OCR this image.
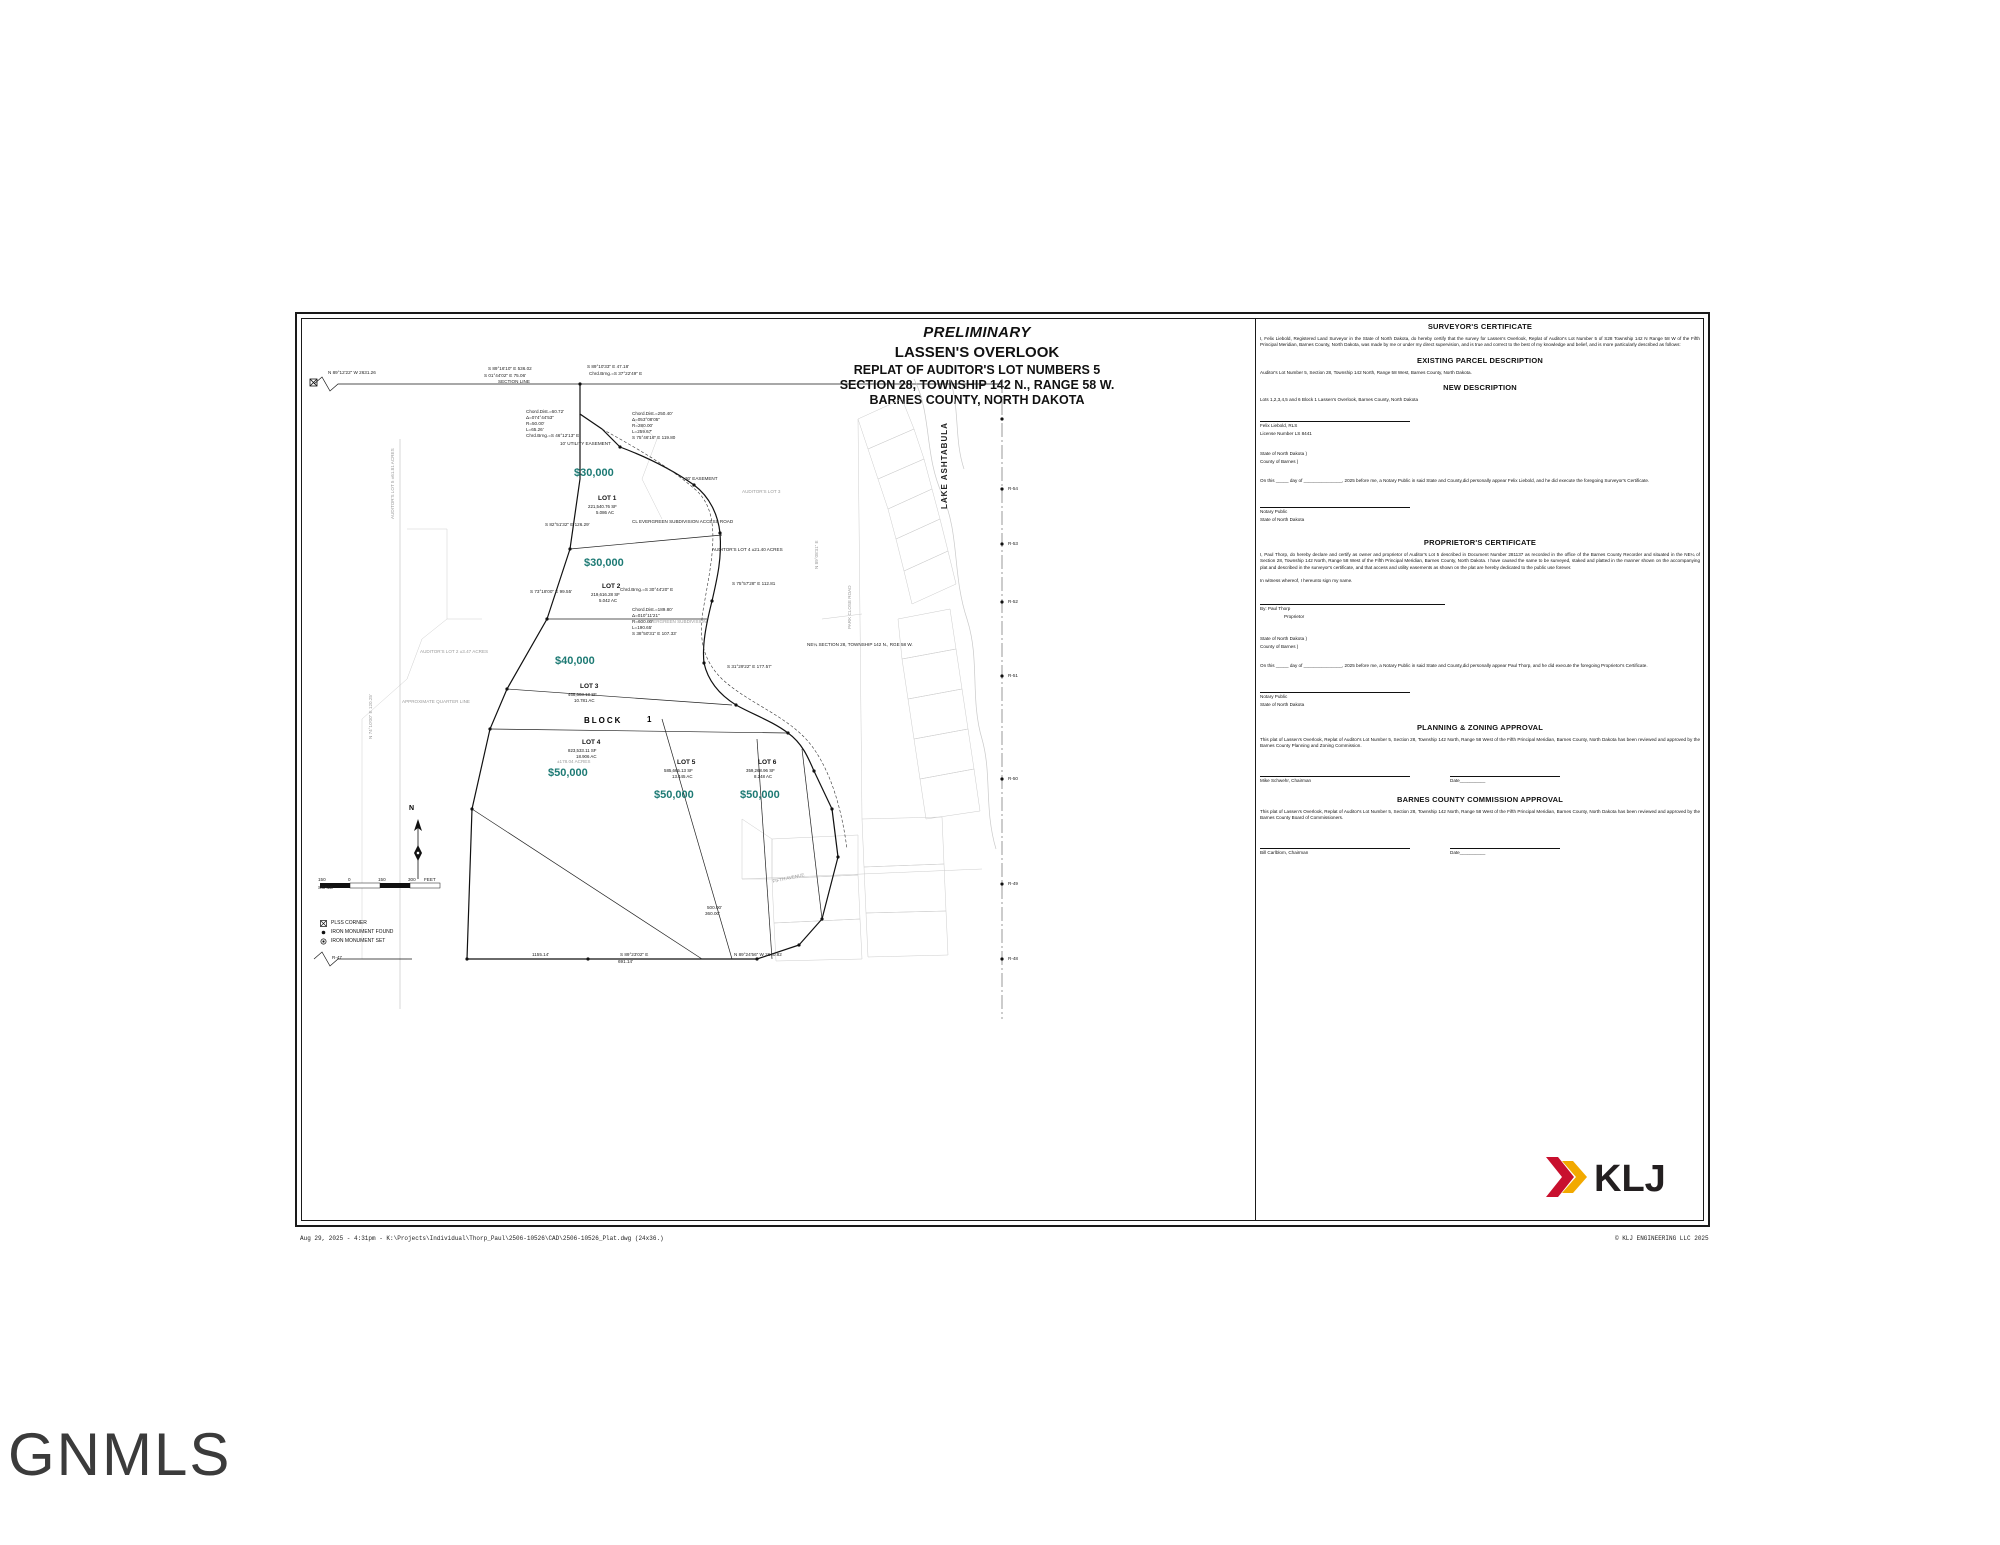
PRELIMINARY
LASSEN'S OVERLOOK
REPLAT OF AUDITOR'S LOT NUMBERS 5
SECTION 28, TOWNSHIP 142 N., RANGE 58 W.
BARNES COUNTY, NORTH DAKOTA
N 89°12'22" W 2631.26
S 89°16'10" E 536.02
SECTION LINE
S 01°44'02" E 75.06'
S 89°10'33" E 47.18'
Chrd.Brng.=S 37°22'49" E
Chord.Dist.=60.72'
Δ=074°44'53"
R=50.00'
L=65.26'
Chrd.Brng.=S 46°12'13" E
Chord.Dist.=250.40'
Δ=053°08'05"
R=280.00'
L=259.67'
S 75°46'16" E 119.80
10' UTILITY EASEMENT
30' EASEMENT
CL EVERGREEN SUBDIVISION ACCESS ROAD
AUDITOR'S LOT 4 ±21.40 ACRES
AUDITOR'S LOT 3
AUDITOR'S LOT 2 ±3.47 ACRES
AUDITOR'S LOT 5 ±61.81 ACRES
±178.04 ACRES
APPROXIMATE QUARTER LINE
N 74°10'00" E 120.25'
S 82°51'32" E 126.29'
S 73°18'00" E 99.55'	Chrd.Brng.=S 30°44'20" E
Chord.Dist.=189.80'
Δ=010°11'21"
R=600.00'
L=190.65'
S 38°50'31" E 107.33'
S 75°57'28" E 112.81
S 31°29'22" E 177.57'
NE¼ SECTION 28, TOWNSHIP 142 N., RGE 58 W.
EVERGREEN SUBDIVISION
FIFTH AVENUE
PARK CLOSE ROAD
N 89°08'31" E
360.00'
500.00'
1155.14'	S 89°23'02" E
691.14'
N 89°24'56" W 2640.82
R-47	R-48
R-49
R-50
R-51
R-52
R-53
R-54
LAKE ASHTABULA
$30,000
LOT 1
221,540.76 SF
5.086 AC
$30,000
LOT 2
219,616.28 SF
5.042 AC
$40,000
LOT 3
468,603.13 SF
10.781 AC
$50,000
LOT 4
823,533.11 SF
18.906 AC
$50,000
LOT 5
585,665.13 SF
13.445 AC
$50,000
LOT 6
359,268.96 SF
8.248 AC
BLOCK	1
N
150	0	150	300
SCALE
FEET
PLSS CORNER
IRON MONUMENT FOUND
IRON MONUMENT SET
SURVEYOR'S CERTIFICATE

I, Felix Liebold, Registered Land Surveyor in the State of North Dakota, do hereby certify that the survey for Lassen's Overlook, Replat of Auditor's Lot Number 5 of S28 Township 142 N Range 58 W of the Fifth Principal Meridian, Barnes County, North Dakota, was made by me or under my direct supervision, and is true and correct to the best of my knowledge and belief, and is more particularly described as follows:

EXISTING PARCEL DESCRIPTION

Auditor's Lot Number 5, Section 28, Township 142 North, Range 58 West, Barnes County, North Dakota.

NEW DESCRIPTION

Lots 1,2,3,4,5 and 6 Block 1 Lassen's Overlook, Barnes County, North Dakota

Felix Liebold, RLS

License Number LS 8441

State of North Dakota )

County of Barnes )

On this _____ day of _______________, 2025 before me, a Notary Public in said State and County,did personally appear Felix Liebold, and he did execute the foregoing Surveyor's Certificate.

Notary Public

State of North Dakota

PROPRIETOR'S CERTIFICATE

I, Paul Thorp, do hereby declare and certify as owner and proprietor of Auditor's Lot 5 described in Document Number 281137 as recorded in the office of the Barnes County Recorder and situated in the NE¼ of Section 28, Township 142 North, Range 58 West of the Fifth Principal Meridian, Barnes County, North Dakota. I have caused the same to be surveyed, staked and platted in the manner shown on the accompanying plat and described in the surveyor's certificate, and that access and utility easements as shown on the plat are hereby dedicated to the public use forever.

In witness whereof, I hereunto sign my name.

By: Paul Thorp

Proprietor

State of North Dakota )

County of Barnes )

On this _____ day of _______________, 2025 before me, a Notary Public in said State and County,did personally appear Paul Thorp, and he did execute the foregoing Proprietor's Certificate.

Notary Public

State of North Dakota

PLANNING & ZONING APPROVAL

This plat of Lassen's Overlook, Replat of Auditor's Lot Number 5, Section 28, Township 142 North, Range 58 West of the Fifth Principal Meridian, Barnes County, North Dakota has been reviewed and approved by the Barnes County Planning and Zoning Commission.

Mike Schwehr, Chairman	Date__________

BARNES COUNTY COMMISSION APPROVAL

This plat of Lassen's Overlook, Replat of Auditor's Lot Number 5, Section 28, Township 142 North, Range 58 West of the Fifth Principal Meridian, Barnes County, North Dakota has been reviewed and approved by the Barnes County Board of Commissioners.

Bill Carlblom, Chairman	Date__________

KLJ
Aug 29, 2025 - 4:31pm - K:\Projects\Individual\Thorp_Paul\2506-10526\CAD\2506-10526_Plat.dwg (24x36.)	© KLJ ENGINEERING LLC 2025
GNMLS
